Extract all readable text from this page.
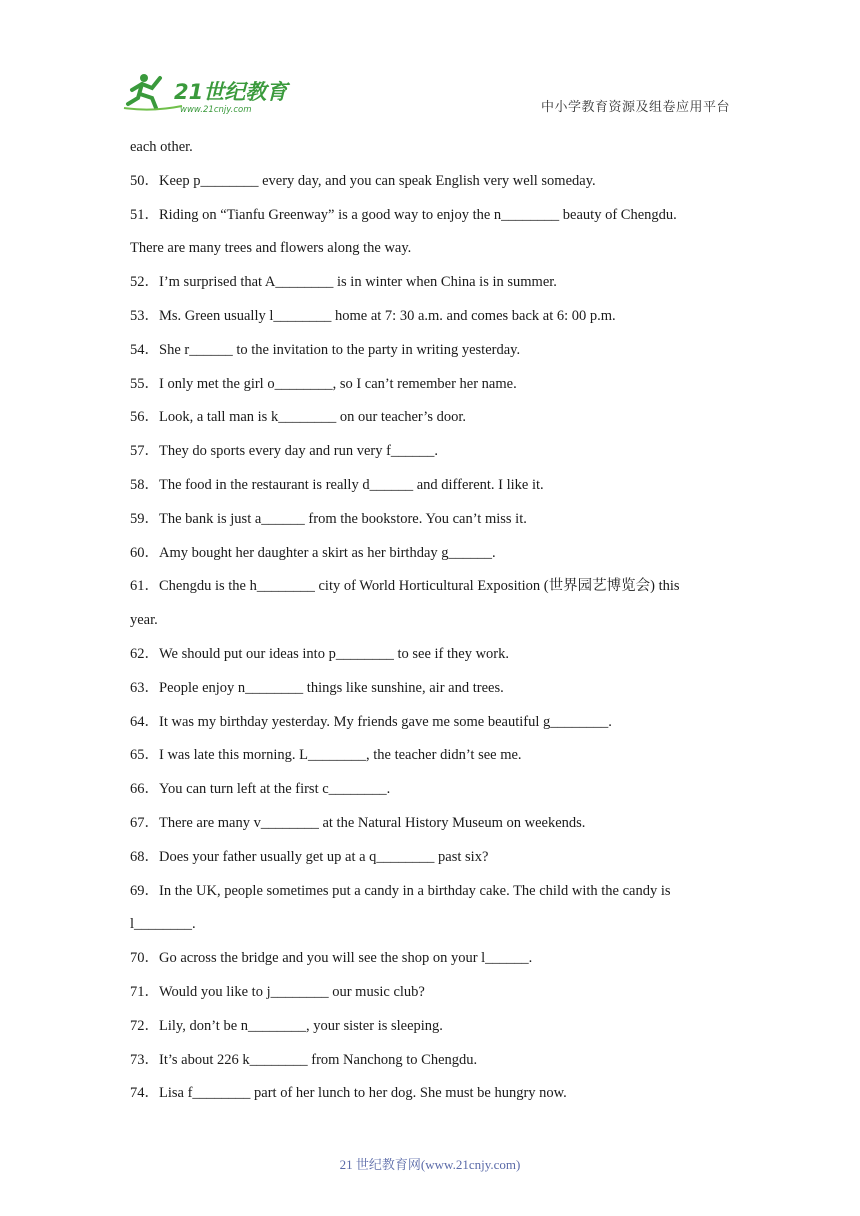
21世纪教育
www.21cnjy.com	中小学教育资源及组卷应用平台
each other.
50．Keep p________ every day, and you can speak English very well someday.
51．Riding on “Tianfu Greenway” is a good way to enjoy the n________ beauty of Chengdu.
There are many trees and flowers along the way.
52．I’m surprised that A________ is in winter when China is in summer.
53．Ms. Green usually l________ home at 7: 30 a.m. and comes back at 6: 00 p.m.
54．She r______ to the invitation to the party in writing yesterday.
55．I only met the girl o________, so I can’t remember her name.
56．Look, a tall man is k________ on our teacher’s door.
57．They do sports every day and run very f______.
58．The food in the restaurant is really d______ and different. I like it.
59．The bank is just a______ from the bookstore. You can’t miss it.
60．Amy bought her daughter a skirt as her birthday g______.
61．Chengdu is the h________ city of World Horticultural Exposition (世界园艺博览会) this
year.
62．We should put our ideas into p________ to see if they work.
63．People enjoy n________ things like sunshine, air and trees.
64．It was my birthday yesterday. My friends gave me some beautiful g________.
65．I was late this morning. L________, the teacher didn’t see me.
66．You can turn left at the first c________.
67．There are many v________ at the Natural History Museum on weekends.
68．Does your father usually get up at a q________ past six?
69．In the UK, people sometimes put a candy in a birthday cake. The child with the candy is
l________.
70．Go across the bridge and you will see the shop on your l______.
71．Would you like to j________ our music club?
72．Lily, don’t be n________, your sister is sleeping.
73．It’s about 226 k________ from Nanchong to Chengdu.
74．Lisa f________ part of her lunch to her dog. She must be hungry now.
21 世纪教育网(www.21cnjy.com)
